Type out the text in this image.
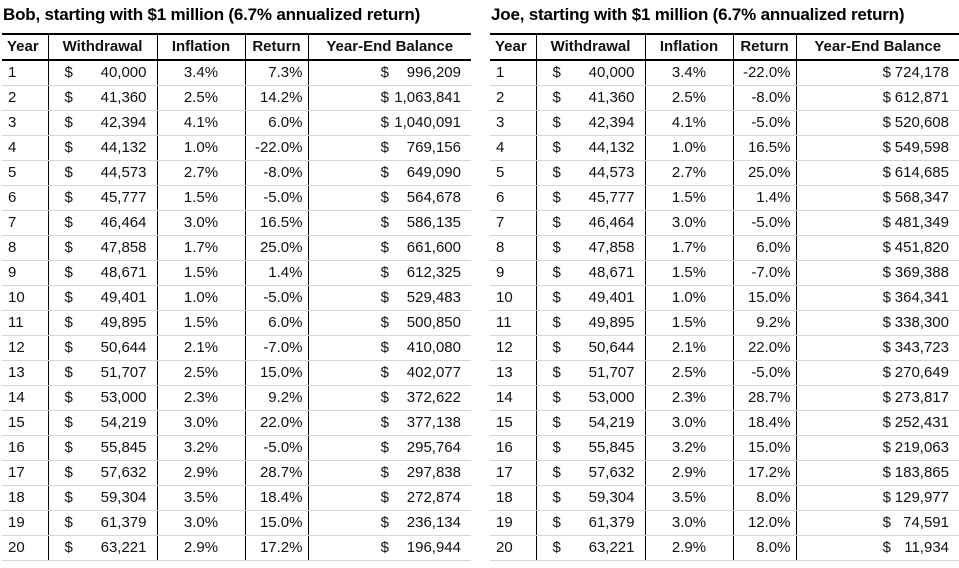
Bob, starting with $1 million (6.7% annualized return)
Year	Withdrawal	Inflation	Return	Year-End Balance
1	$ 40,000	3.4%	7.3%	$ 996,209
2	$ 41,360	2.5%	14.2%	$ 1,063,841
3	$ 42,394	4.1%	6.0%	$ 1,040,091
4	$ 44,132	1.0%	-22.0%	$ 769,156
5	$ 44,573	2.7%	-8.0%	$ 649,090
6	$ 45,777	1.5%	-5.0%	$ 564,678
7	$ 46,464	3.0%	16.5%	$ 586,135
8	$ 47,858	1.7%	25.0%	$ 661,600
9	$ 48,671	1.5%	1.4%	$ 612,325
10	$ 49,401	1.0%	-5.0%	$ 529,483
11	$ 49,895	1.5%	6.0%	$ 500,850
12	$ 50,644	2.1%	-7.0%	$ 410,080
13	$ 51,707	2.5%	15.0%	$ 402,077
14	$ 53,000	2.3%	9.2%	$ 372,622
15	$ 54,219	3.0%	22.0%	$ 377,138
16	$ 55,845	3.2%	-5.0%	$ 295,764
17	$ 57,632	2.9%	28.7%	$ 297,838
18	$ 59,304	3.5%	18.4%	$ 272,874
19	$ 61,379	3.0%	15.0%	$ 236,134
20	$ 63,221	2.9%	17.2%	$ 196,944
Joe, starting with $1 million (6.7% annualized return)
Year	Withdrawal	Inflation	Return	Year-End Balance
1	$ 40,000	3.4%	-22.0%	$ 724,178
2	$ 41,360	2.5%	-8.0%	$ 612,871
3	$ 42,394	4.1%	-5.0%	$ 520,608
4	$ 44,132	1.0%	16.5%	$ 549,598
5	$ 44,573	2.7%	25.0%	$ 614,685
6	$ 45,777	1.5%	1.4%	$ 568,347
7	$ 46,464	3.0%	-5.0%	$ 481,349
8	$ 47,858	1.7%	6.0%	$ 451,820
9	$ 48,671	1.5%	-7.0%	$ 369,388
10	$ 49,401	1.0%	15.0%	$ 364,341
11	$ 49,895	1.5%	9.2%	$ 338,300
12	$ 50,644	2.1%	22.0%	$ 343,723
13	$ 51,707	2.5%	-5.0%	$ 270,649
14	$ 53,000	2.3%	28.7%	$ 273,817
15	$ 54,219	3.0%	18.4%	$ 252,431
16	$ 55,845	3.2%	15.0%	$ 219,063
17	$ 57,632	2.9%	17.2%	$ 183,865
18	$ 59,304	3.5%	8.0%	$ 129,977
19	$ 61,379	3.0%	12.0%	$ 74,591
20	$ 63,221	2.9%	8.0%	$ 11,934
